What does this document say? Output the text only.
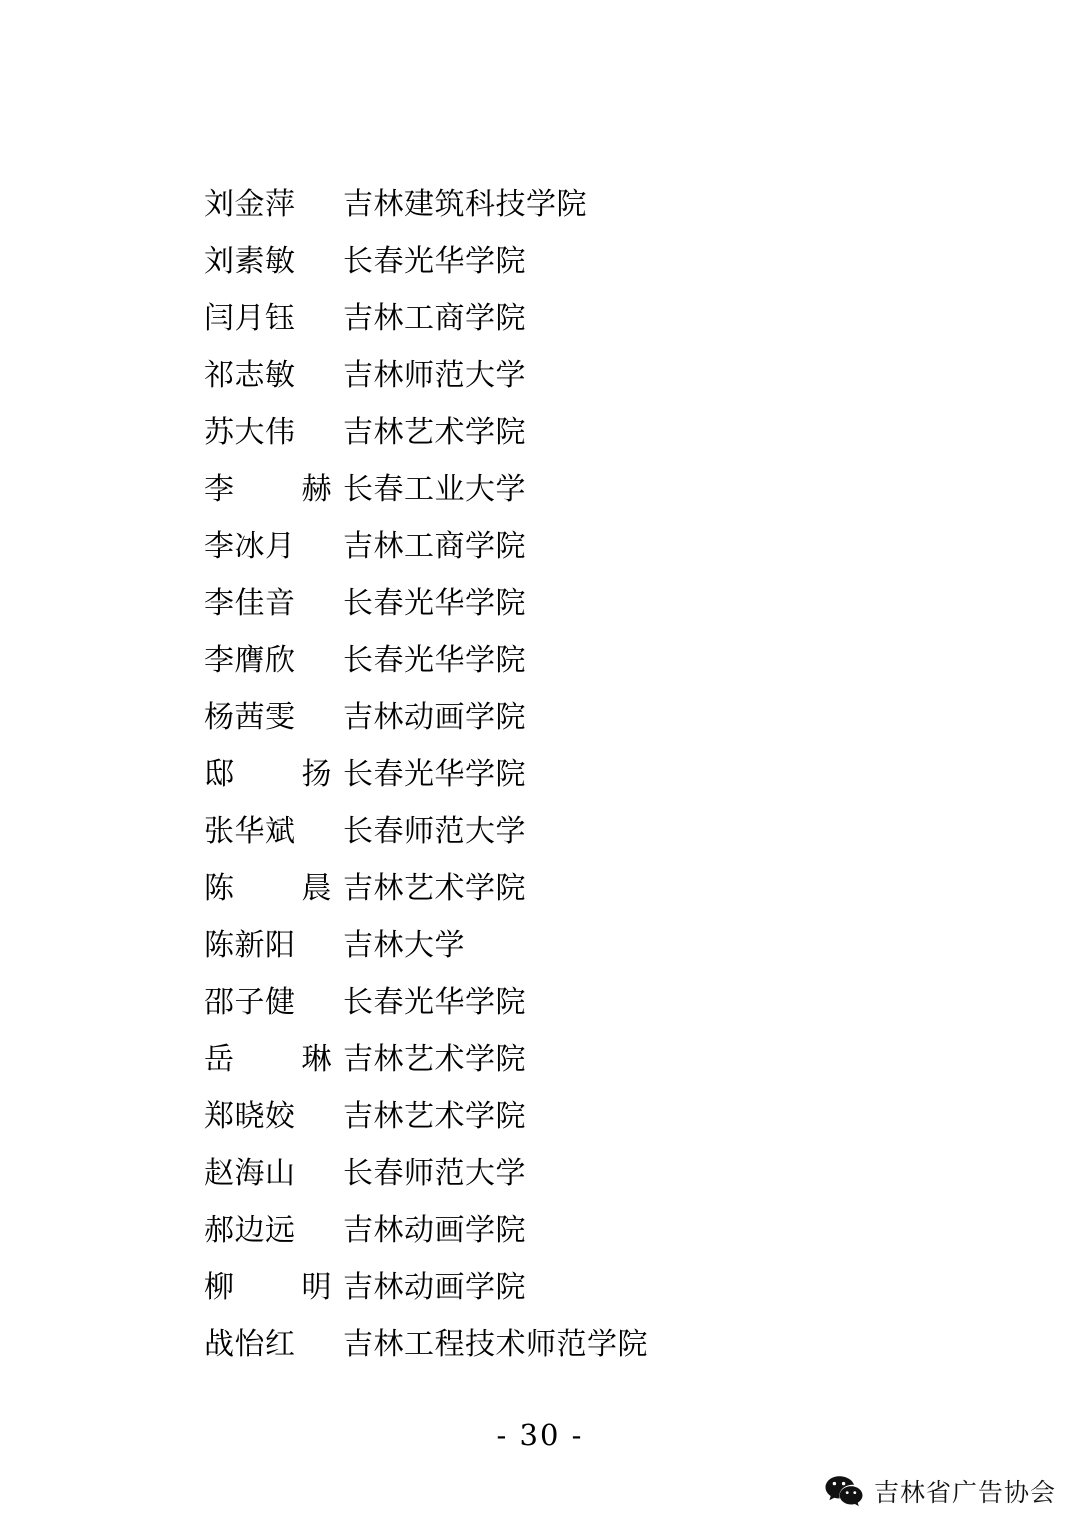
刘金萍	吉林建筑科技学院
刘素敏	长春光华学院
闫月钰	吉林工商学院
祁志敏	吉林师范大学
苏大伟	吉林艺术学院
李赫 长春工业大学
李冰月	吉林工商学院
李佳音	长春光华学院
李膺欣	长春光华学院
杨茜雯	吉林动画学院
邸扬 长春光华学院
张华斌	长春师范大学
陈晨 吉林艺术学院
陈新阳	吉林大学
邵子健	长春光华学院
岳琳 吉林艺术学院
郑晓姣	吉林艺术学院
赵海山	长春师范大学
郝边远	吉林动画学院
柳明 吉林动画学院
战怡红	吉林工程技术师范学院
- 30 -
吉林省广告协会
